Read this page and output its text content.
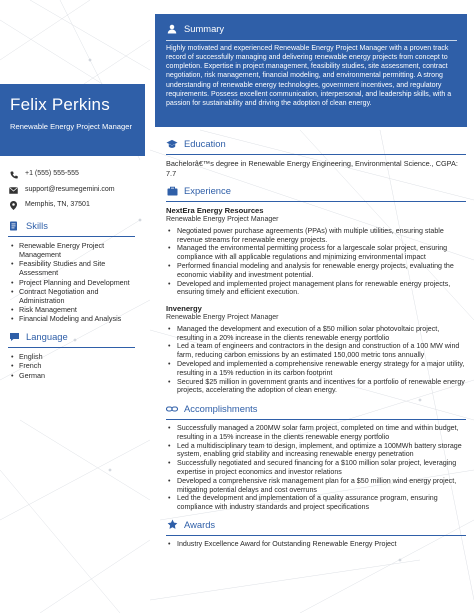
Felix Perkins
Renewable Energy Project Manager
+1 (555) 555-555
support@resumegemini.com
Memphis, TN, 37501
Skills
• Renewable Energy Project Management
• Feasibility Studies and Site Assessment
• Project Planning and Development
• Contract Negotiation and Administration
• Risk Management
• Financial Modeling and Analysis
Language
• English
• French
• German
Summary
Highly motivated and experienced Renewable Energy Project Manager with a proven track record of successfully managing and delivering renewable energy projects from concept to completion. Expertise in project management, feasibility studies, site assessment, contract negotiation, risk management, financial modeling, and environmental permitting. A strong understanding of renewable energy technologies, government incentives, and regulatory requirements. Possess excellent communication, interpersonal, and leadership skills, with a passion for sustainability and driving the adoption of clean energy.
Education
Bachelorâ€™s degree in Renewable Energy Engineering, Environmental Science., CGPA: 7.7
Experience
NextEra Energy Resources
Renewable Energy Project Manager
• Negotiated power purchase agreements (PPAs) with multiple utilities, ensuring stable revenue streams for renewable energy projects.
• Managed the environmental permitting process for a largescale solar project, ensuring compliance with all applicable regulations and minimizing environmental impact
• Performed financial modeling and analysis for renewable energy projects, evaluating the economic viability and investment potential.
• Developed and implemented project management plans for renewable energy projects, ensuring timely and efficient execution.
Invenergy
Renewable Energy Project Manager
• Managed the development and execution of a $50 million solar photovoltaic project, resulting in a 20% increase in the clients renewable energy portfolio
• Led a team of engineers and contractors in the design and construction of a 100 MW wind farm, reducing carbon emissions by an estimated 150,000 metric tons annually
• Developed and implemented a comprehensive renewable energy strategy for a major utility, resulting in a 15% reduction in its carbon footprint
• Secured $25 million in government grants and incentives for a portfolio of renewable energy projects, accelerating the adoption of clean energy.
Accomplishments
• Successfully managed a 200MW solar farm project, completed on time and within budget, resulting in a 15% increase in the clients renewable energy portfolio
• Led a multidisciplinary team to design, implement, and optimize a 100MWh battery storage system, enabling grid stability and increasing renewable energy penetration
• Successfully negotiated and secured financing for a $100 million solar project, leveraging expertise in project economics and investor relations
• Developed a comprehensive risk management plan for a $50 million wind energy project, mitigating potential delays and cost overruns
• Led the development and implementation of a quality assurance program, ensuring compliance with industry standards and project specifications
Awards
• Industry Excellence Award for Outstanding Renewable Energy Project
